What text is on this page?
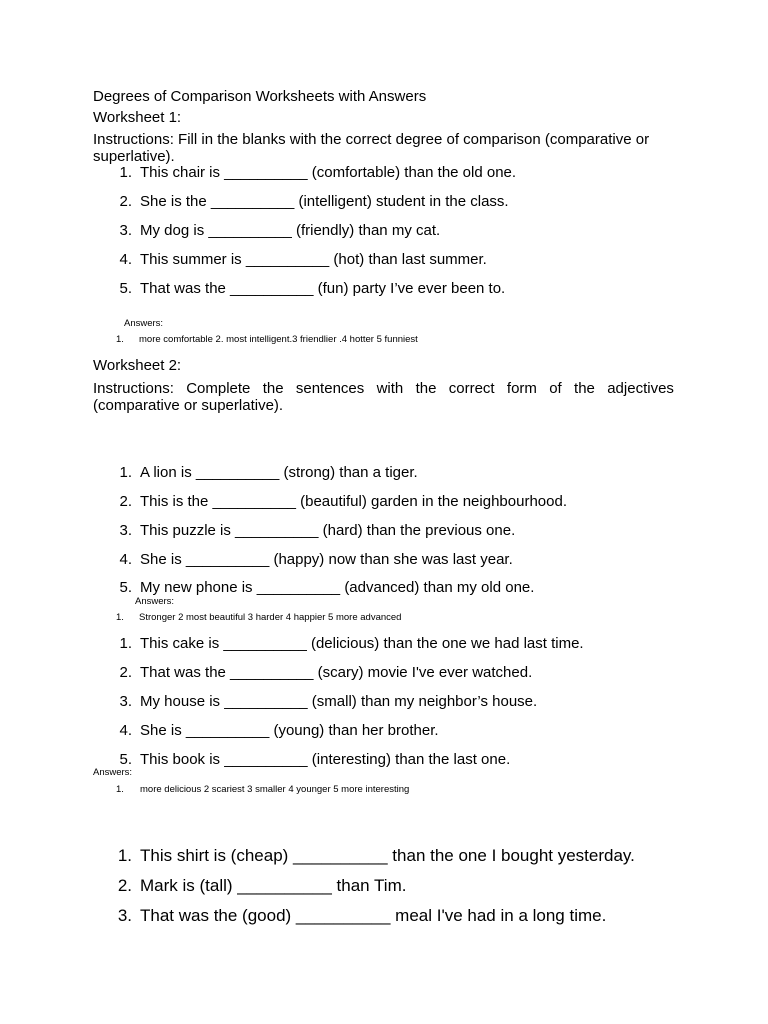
Degrees of Comparison Worksheets with Answers
Worksheet 1:
Instructions: Fill in the blanks with the correct degree of comparison (comparative or superlative).
1. This chair is __________ (comfortable) than the old one.
2. She is the __________ (intelligent) student in the class.
3. My dog is __________ (friendly) than my cat.
4. This summer is __________ (hot) than last summer.
5. That was the __________ (fun) party I’ve ever been to.
Answers:
1. more comfortable 2. most intelligent.3 friendlier .4 hotter 5 funniest
Worksheet 2:
Instructions: Complete the sentences with the correct form of the adjectives
(comparative or superlative).
1. A lion is __________ (strong) than a tiger.
2. This is the __________ (beautiful) garden in the neighbourhood.
3. This puzzle is __________ (hard) than the previous one.
4. She is __________ (happy) now than she was last year.
5. My new phone is __________ (advanced) than my old one.
Answers:
1. Stronger 2 most beautiful 3 harder 4 happier 5 more advanced
1. This cake is __________ (delicious) than the one we had last time.
2. That was the __________ (scary) movie I've ever watched.
3. My house is __________ (small) than my neighbor’s house.
4. She is __________ (young) than her brother.
5. This book is __________ (interesting) than the last one.
Answers:
1. more delicious 2 scariest 3 smaller 4 younger 5 more interesting
1. This shirt is (cheap) __________ than the one I bought yesterday.
2. Mark is (tall) __________ than Tim.
3. That was the (good) __________ meal I've had in a long time.
